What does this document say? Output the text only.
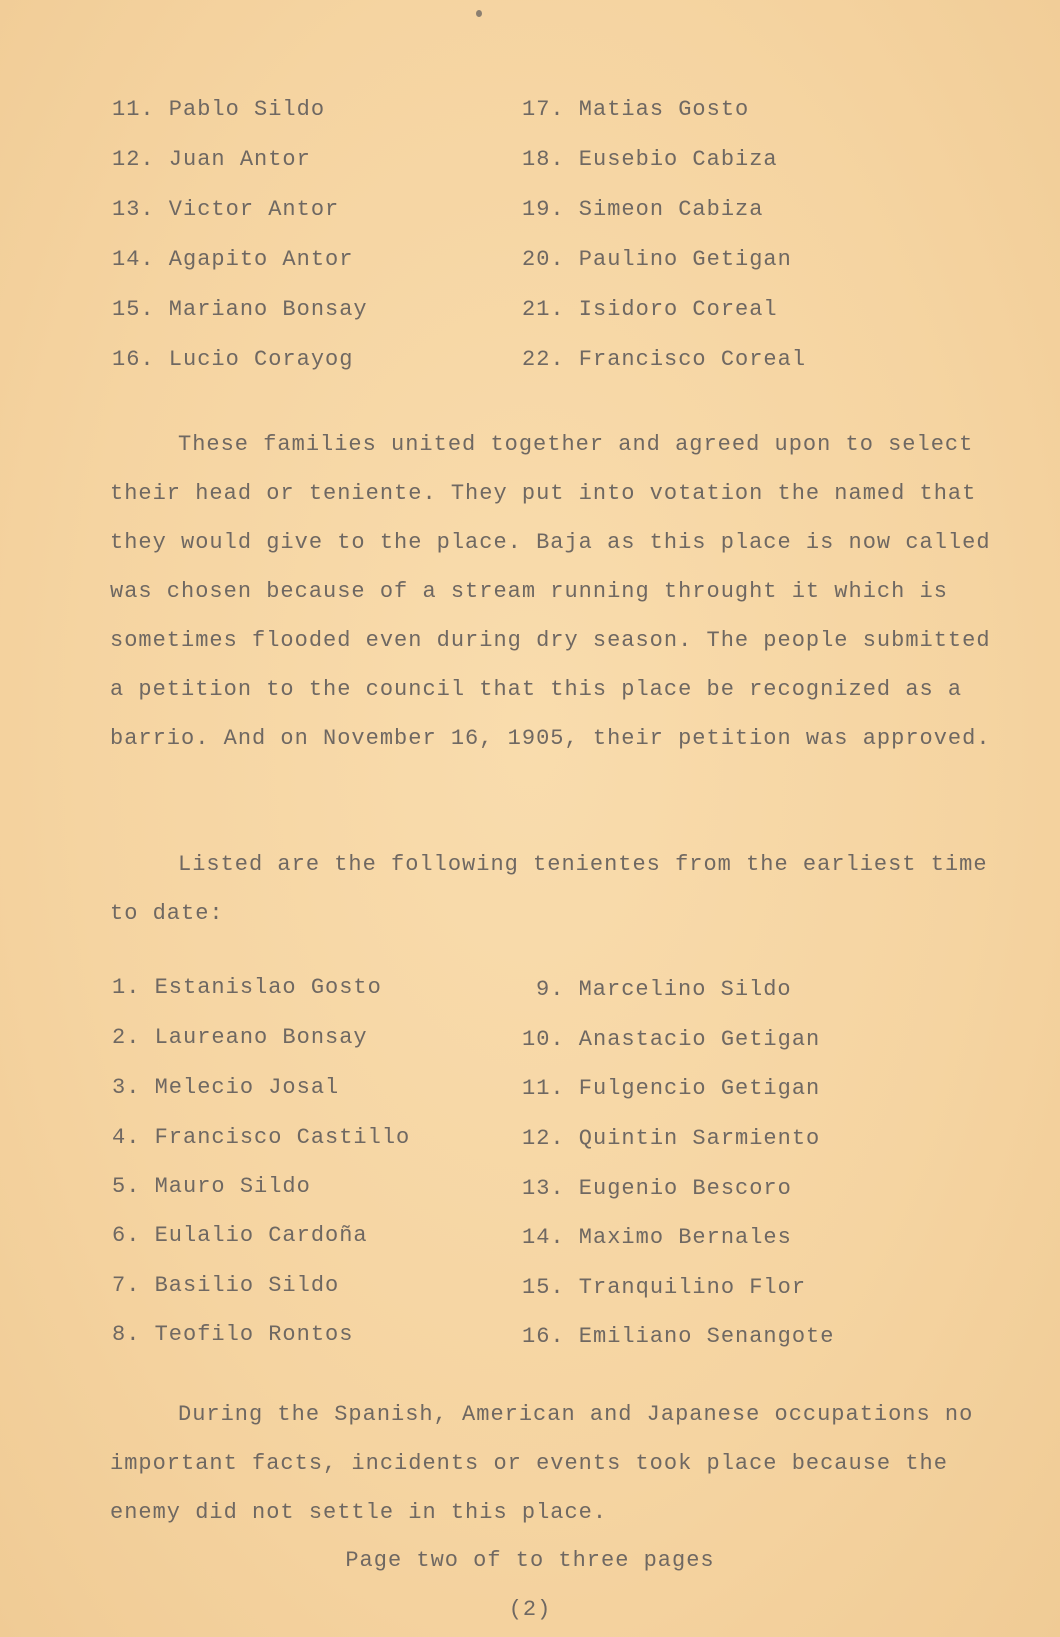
11. Pablo Sildo
12. Juan Antor
13. Victor Antor
14. Agapito Antor
15. Mariano Bonsay
16. Lucio Corayog
17. Matias Gosto
18. Eusebio Cabiza
19. Simeon Cabiza
20. Paulino Getigan
21. Isidoro Coreal
22. Francisco Coreal

These families united together and agreed upon to select their head or teniente. They put into votation the named that they would give to the place. Baja as this place is now called was chosen because of a stream running throught it which is sometimes flooded even during dry season. The people submitted a petition to the council that this place be recognized as a barrio. And on November 16, 1905, their petition was approved.

Listed are the following tenientes from the earliest time to date:

1. Estanislao Gosto
2. Laureano Bonsay
3. Melecio Josal
4. Francisco Castillo
5. Mauro Sildo
6. Eulalio Cardoña
7. Basilio Sildo
8. Teofilo Rontos
9. Marcelino Sildo
10. Anastacio Getigan
11. Fulgencio Getigan
12. Quintin Sarmiento
13. Eugenio Bescoro
14. Maximo Bernales
15. Tranquilino Flor
16. Emiliano Senangote

During the Spanish, American and Japanese occupations no important facts, incidents or events took place because the enemy did not settle in this place.

Page two of to three pages
(2)
